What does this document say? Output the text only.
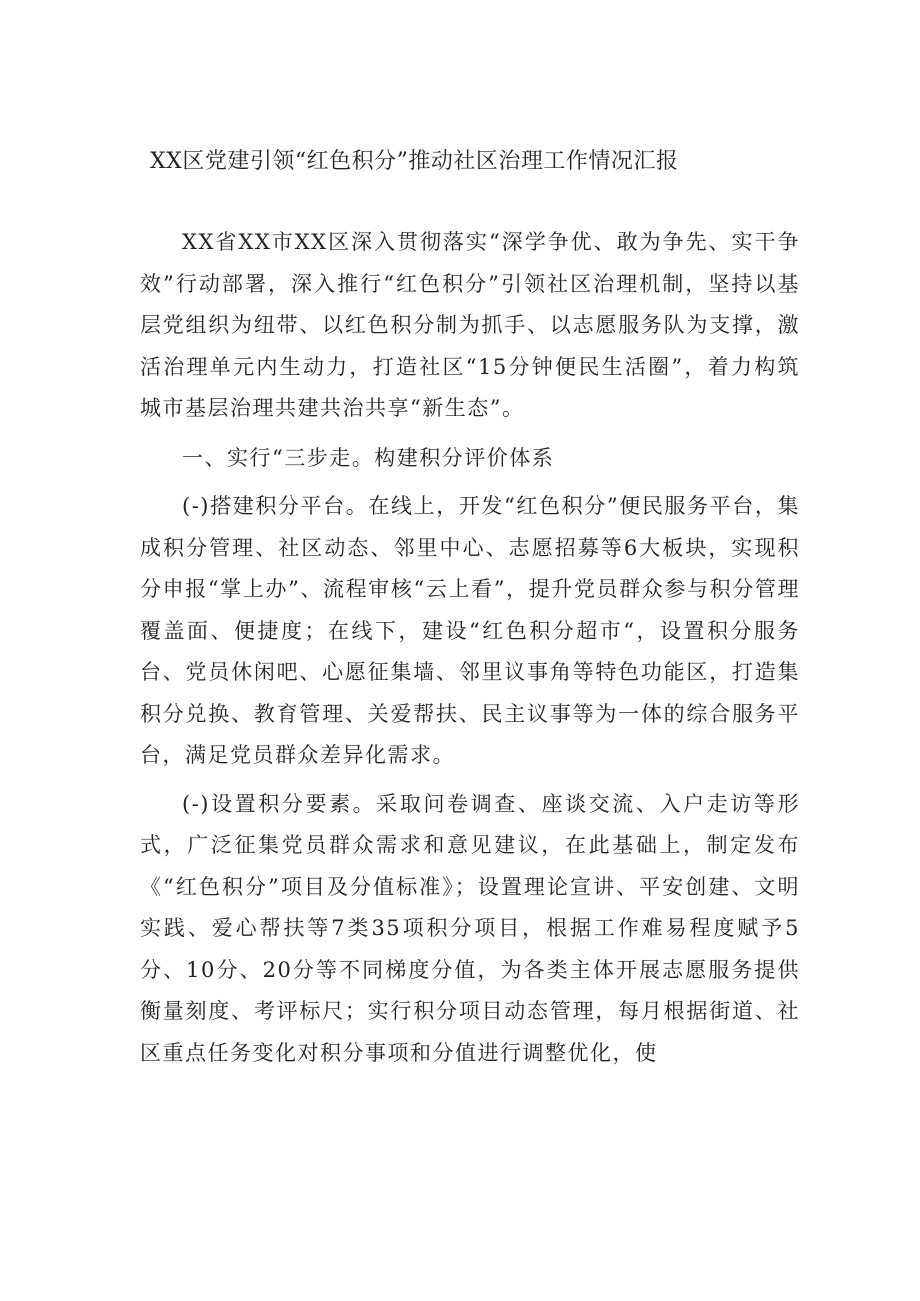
XX区党建引领“红色积分”推动社区治理工作情况汇报

XX省XX市XX区深入贯彻落实“深学争优、敢为争先、实干争效”行动部署，深入推行“红色积分”引领社区治理机制，坚持以基层党组织为纽带、以红色积分制为抓手、以志愿服务队为支撑，激活治理单元内生动力，打造社区“15分钟便民生活圈”，着力构筑城市基层治理共建共治共享“新生态”。

一、实行“三步走。构建积分评价体系

(-)搭建积分平台。在线上，开发“红色积分”便民服务平台，集成积分管理、社区动态、邻里中心、志愿招募等6大板块，实现积分申报“掌上办”、流程审核“云上看”，提升党员群众参与积分管理覆盖面、便捷度；在线下，建设“红色积分超市“，设置积分服务台、党员休闲吧、心愿征集墙、邻里议事角等特色功能区，打造集积分兑换、教育管理、关爱帮扶、民主议事等为一体的综合服务平台，满足党员群众差异化需求。

(-)设置积分要素。采取问卷调查、座谈交流、入户走访等形式，广泛征集党员群众需求和意见建议，在此基础上，制定发布《“红色积分”项目及分值标准》；设置理论宣讲、平安创建、文明实践、爱心帮扶等7类35项积分项目，根据工作难易程度赋予5分、10分、20分等不同梯度分值，为各类主体开展志愿服务提供衡量刻度、考评标尺；实行积分项目动态管理，每月根据街道、社区重点任务变化对积分事项和分值进行调整优化，使
